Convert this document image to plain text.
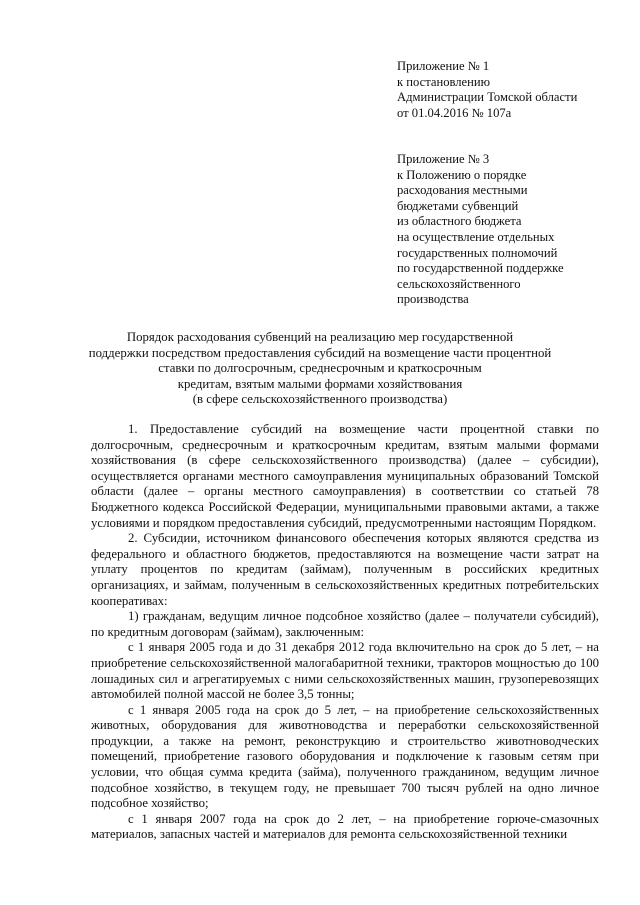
Приложение № 1
к постановлению
Администрации Томской области
от 01.04.2016 № 107а
Приложение № 3
к Положению о порядке
расходования местными
бюджетами субвенций
из областного бюджета
на осуществление отдельных
государственных полномочий
по государственной поддержке
сельскохозяйственного
производства
Порядок расходования субвенций на реализацию мер государственной
поддержки посредством предоставления субсидий на возмещение части процентной
ставки по долгосрочным, среднесрочным и краткосрочным
кредитам, взятым малыми формами хозяйствования
(в сфере сельскохозяйственного производства)

1. Предоставление субсидий на возмещение части процентной ставки по долгосрочным, среднесрочным и краткосрочным кредитам, взятым малыми формами хозяйствования (в сфере сельскохозяйственного производства) (далее – субсидии), осуществляется органами местного самоуправления муниципальных образований Томской области (далее – органы местного самоуправления) в соответствии со статьей 78 Бюджетного кодекса Российской Федерации, муниципальными правовыми актами, а также условиями и порядком предоставления субсидий, предусмотренными настоящим Порядком.

2. Субсидии, источником финансового обеспечения которых являются средства из федерального и областного бюджетов, предоставляются на возмещение части затрат на уплату процентов по кредитам (займам), полученным в российских кредитных организациях, и займам, полученным в сельскохозяйственных кредитных потребительских кооперативах:

1) гражданам, ведущим личное подсобное хозяйство (далее – получатели субсидий), по кредитным договорам (займам), заключенным:

с 1 января 2005 года и до 31 декабря 2012 года включительно на срок до 5 лет, – на приобретение сельскохозяйственной малогабаритной техники, тракторов мощностью до 100 лошадиных сил и агрегатируемых с ними сельскохозяйственных машин, грузоперевозящих автомобилей полной массой не более 3,5 тонны;

с 1 января 2005 года на срок до 5 лет, – на приобретение сельскохозяйственных животных, оборудования для животноводства и переработки сельскохозяйственной продукции, а также на ремонт, реконструкцию и строительство животноводческих помещений, приобретение газового оборудования и подключение к газовым сетям при условии, что общая сумма кредита (займа), полученного гражданином, ведущим личное подсобное хозяйство, в текущем году, не превышает 700 тысяч рублей на одно личное подсобное хозяйство;

с 1 января 2007 года на срок до 2 лет, – на приобретение горюче-смазочных материалов, запасных частей и материалов для ремонта сельскохозяйственной техники
